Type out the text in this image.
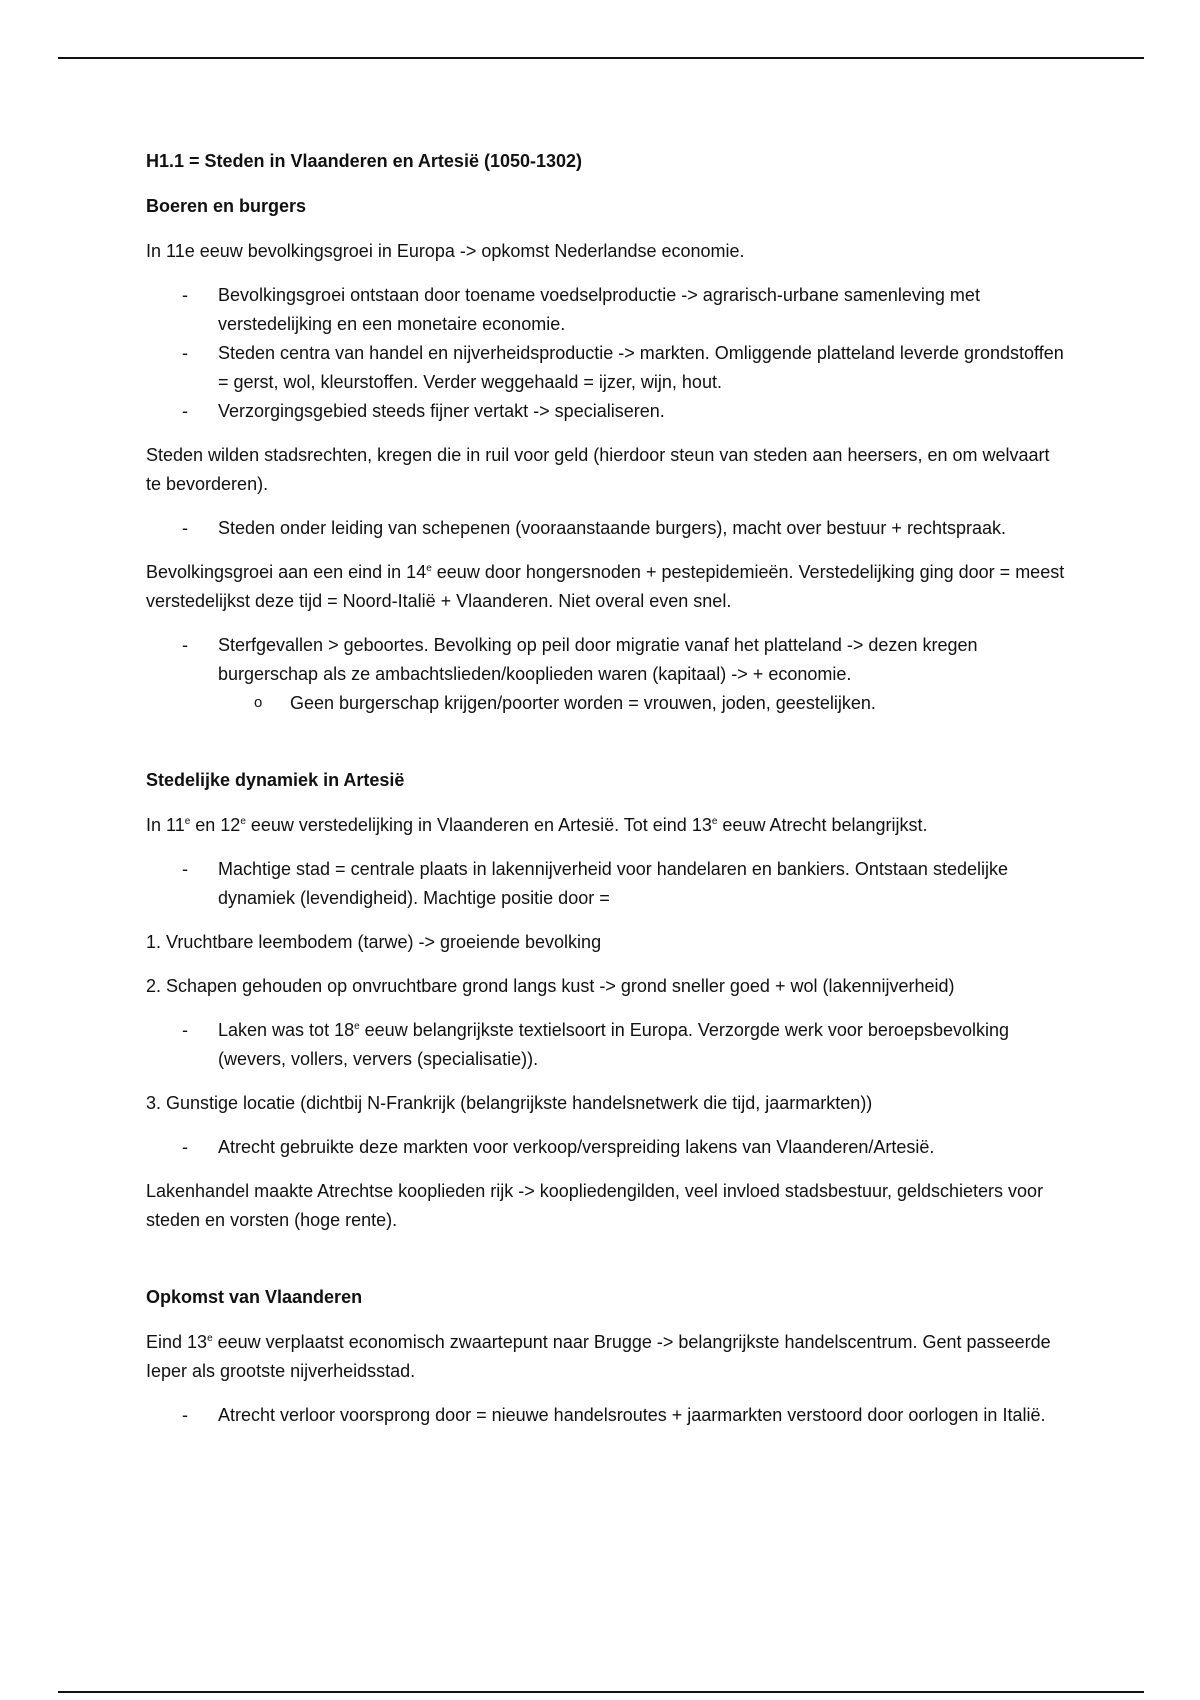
H1.1 = Steden in Vlaanderen en Artesië (1050-1302)

Boeren en burgers

In 11e eeuw bevolkingsgroei in Europa -> opkomst Nederlandse economie.

- Bevolkingsgroei ontstaan door toename voedselproductie -> agrarisch-urbane samenleving met verstedelijking en een monetaire economie.
- Steden centra van handel en nijverheidsproductie -> markten. Omliggende platteland leverde grondstoffen = gerst, wol, kleurstoffen. Verder weggehaald = ijzer, wijn, hout.
- Verzorgingsgebied steeds fijner vertakt -> specialiseren.

Steden wilden stadsrechten, kregen die in ruil voor geld (hierdoor steun van steden aan heersers, en om welvaart te bevorderen).

- Steden onder leiding van schepenen (vooraanstaande burgers), macht over bestuur + rechtspraak.

Bevolkingsgroei aan een eind in 14e eeuw door hongersnoden + pestepidemieën. Verstedelijking ging door = meest verstedelijkst deze tijd = Noord-Italië + Vlaanderen. Niet overal even snel.

- Sterfgevallen > geboortes. Bevolking op peil door migratie vanaf het platteland -> dezen kregen burgerschap als ze ambachtslieden/kooplieden waren (kapitaal) -> + economie.
o Geen burgerschap krijgen/poorter worden = vrouwen, joden, geestelijken.

Stedelijke dynamiek in Artesië

In 11e en 12e eeuw verstedelijking in Vlaanderen en Artesië. Tot eind 13e eeuw Atrecht belangrijkst.

- Machtige stad = centrale plaats in lakennijverheid voor handelaren en bankiers. Ontstaan stedelijke dynamiek (levendigheid). Machtige positie door =

1. Vruchtbare leembodem (tarwe) -> groeiende bevolking

2. Schapen gehouden op onvruchtbare grond langs kust -> grond sneller goed + wol (lakennijverheid)

- Laken was tot 18e eeuw belangrijkste textielsoort in Europa. Verzorgde werk voor beroepsbevolking (wevers, vollers, ververs (specialisatie)).

3. Gunstige locatie (dichtbij N-Frankrijk (belangrijkste handelsnetwerk die tijd, jaarmarkten))

- Atrecht gebruikte deze markten voor verkoop/verspreiding lakens van Vlaanderen/Artesië.

Lakenhandel maakte Atrechtse kooplieden rijk -> koopliedengilden, veel invloed stadsbestuur, geldschieters voor steden en vorsten (hoge rente).

Opkomst van Vlaanderen

Eind 13e eeuw verplaatst economisch zwaartepunt naar Brugge -> belangrijkste handelscentrum. Gent passeerde Ieper als grootste nijverheidsstad.

- Atrecht verloor voorsprong door = nieuwe handelsroutes + jaarmarkten verstoord door oorlogen in Italië.
